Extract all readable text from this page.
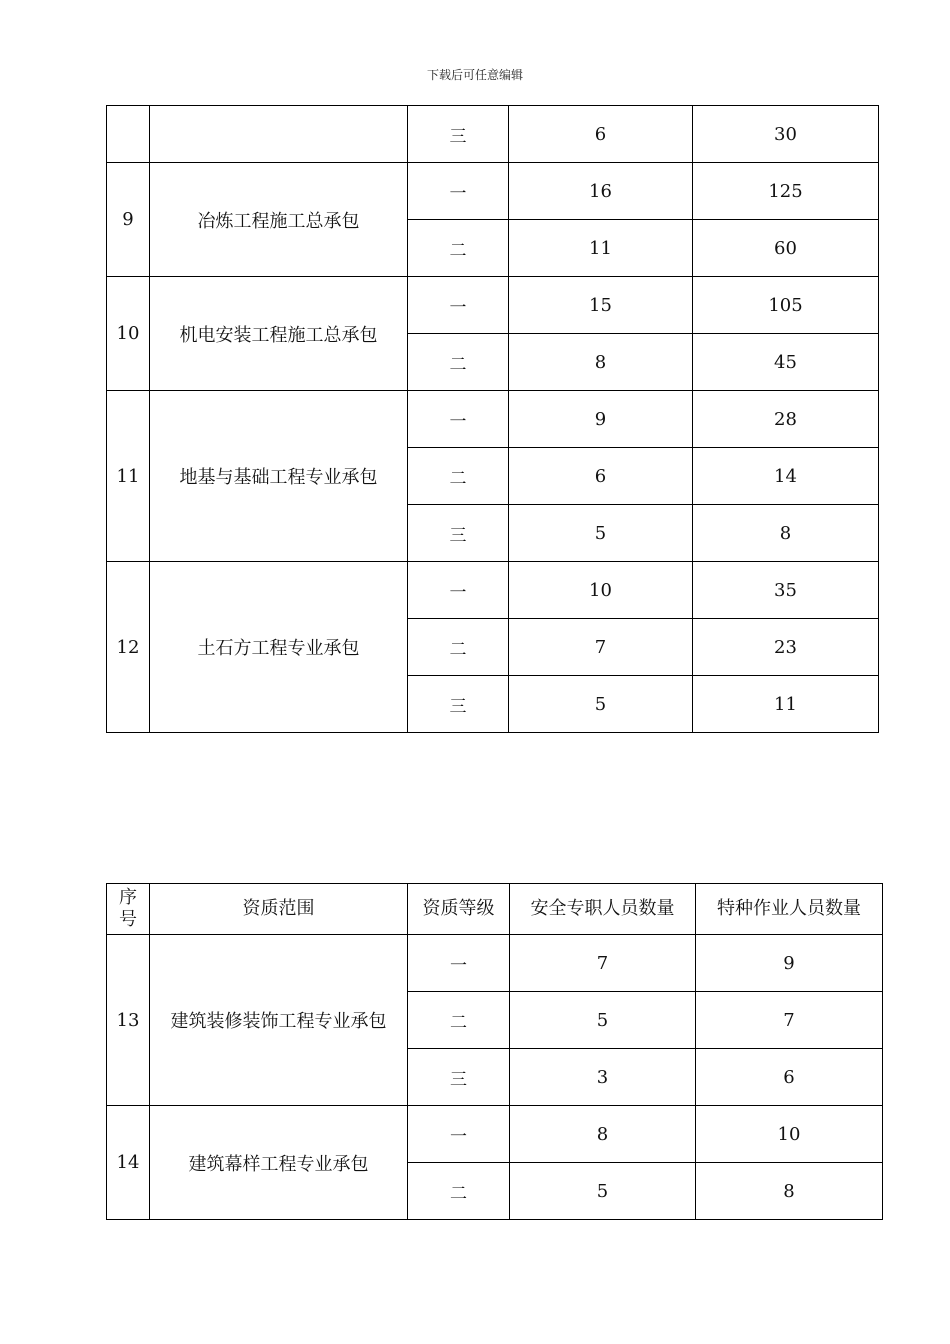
下载后可任意编辑
		三	6	30
9	冶炼工程施工总承包	一	16	125
		二	11	60
10	机电安装工程施工总承包	一	15	105
		二	8	45
11	地基与基础工程专业承包	一	9	28
		二	6	14
		三	5	8
12	土石方工程专业承包	一	10	35
		二	7	23
		三	5	11
序
号	资质范围	资质等级	安全专职人员数量	特种作业人员数量
13	建筑装修装饰工程专业承包	一	7	9
		二	5	7
		三	3	6
14	建筑幕样工程专业承包	一	8	10
		二	5	8
